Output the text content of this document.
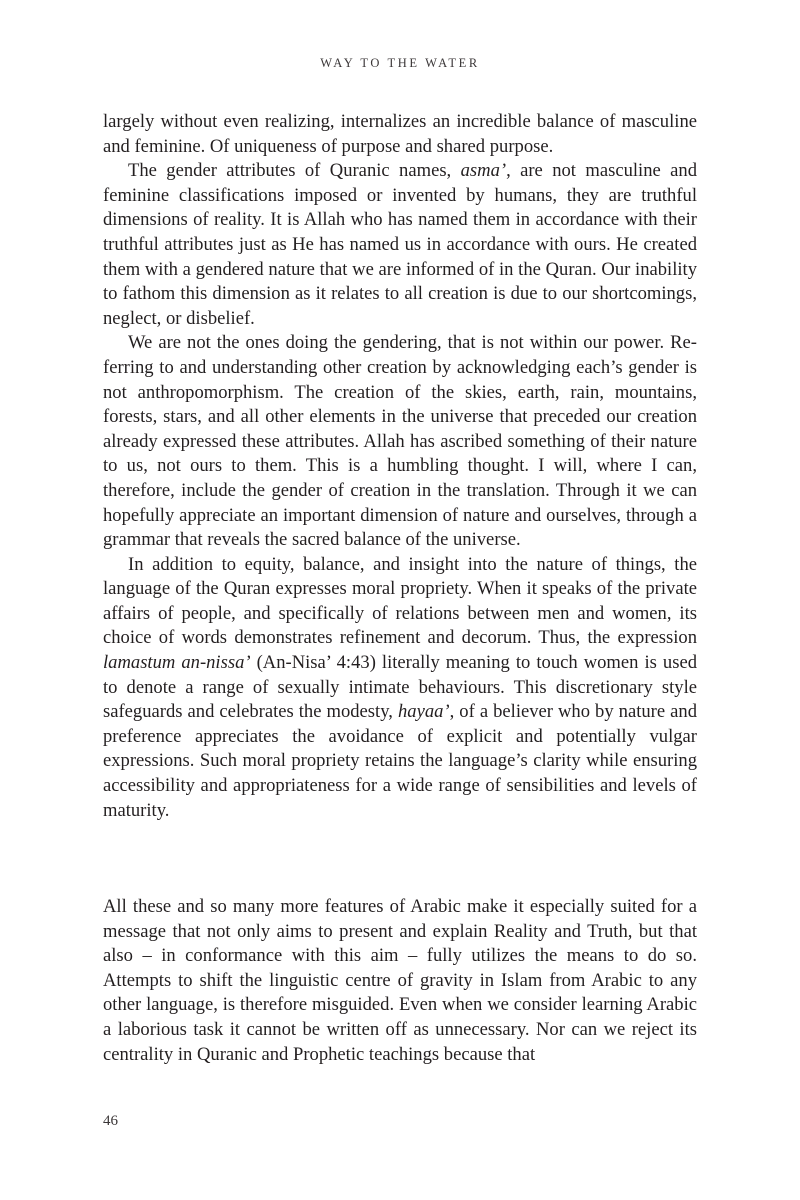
WAY TO THE WATER

largely without even realizing, internalizes an incredible balance of masculine and feminine. Of uniqueness of purpose and shared purpose.

The gender attributes of Quranic names, asma’, are not masculine and feminine classifications imposed or invented by humans, they are truthful dimensions of reality. It is Allah who has named them in accordance with their truthful attributes just as He has named us in accordance with ours. He created them with a gendered nature that we are informed of in the Quran. Our inability to fathom this dimension as it relates to all creation is due to our shortcomings, neglect, or disbelief.

We are not the ones doing the gendering, that is not within our power. Referring to and understanding other creation by acknowledging each’s gender is not anthropomorphism. The creation of the skies, earth, rain, mountains, forests, stars, and all other elements in the universe that preceded our creation already expressed these attributes. Allah has ascribed something of their nature to us, not ours to them. This is a humbling thought. I will, where I can, therefore, include the gender of creation in the translation. Through it we can hopefully appreciate an important dimension of nature and ourselves, through a grammar that reveals the sacred balance of the universe.

In addition to equity, balance, and insight into the nature of things, the language of the Quran expresses moral propriety. When it speaks of the private affairs of people, and specifically of relations between men and women, its choice of words demonstrates refinement and decorum. Thus, the expression lamastum an-nissa’ (An-Nisa’ 4:43) literally meaning to touch women is used to denote a range of sexually intimate behaviours. This discretionary style safeguards and celebrates the modesty, hayaa’, of a believer who by nature and preference appreciates the avoidance of explicit and potentially vulgar expressions. Such moral propriety retains the language’s clarity while ensuring accessibility and appropriateness for a wide range of sensibilities and levels of maturity.

All these and so many more features of Arabic make it especially suited for a message that not only aims to present and explain Reality and Truth, but that also – in conformance with this aim – fully utilizes the means to do so. Attempts to shift the linguistic centre of gravity in Islam from Arabic to any other language, is therefore misguided. Even when we consider learning Arabic a laborious task it cannot be written off as unnecessary. Nor can we reject its centrality in Quranic and Prophetic teachings because that

46
